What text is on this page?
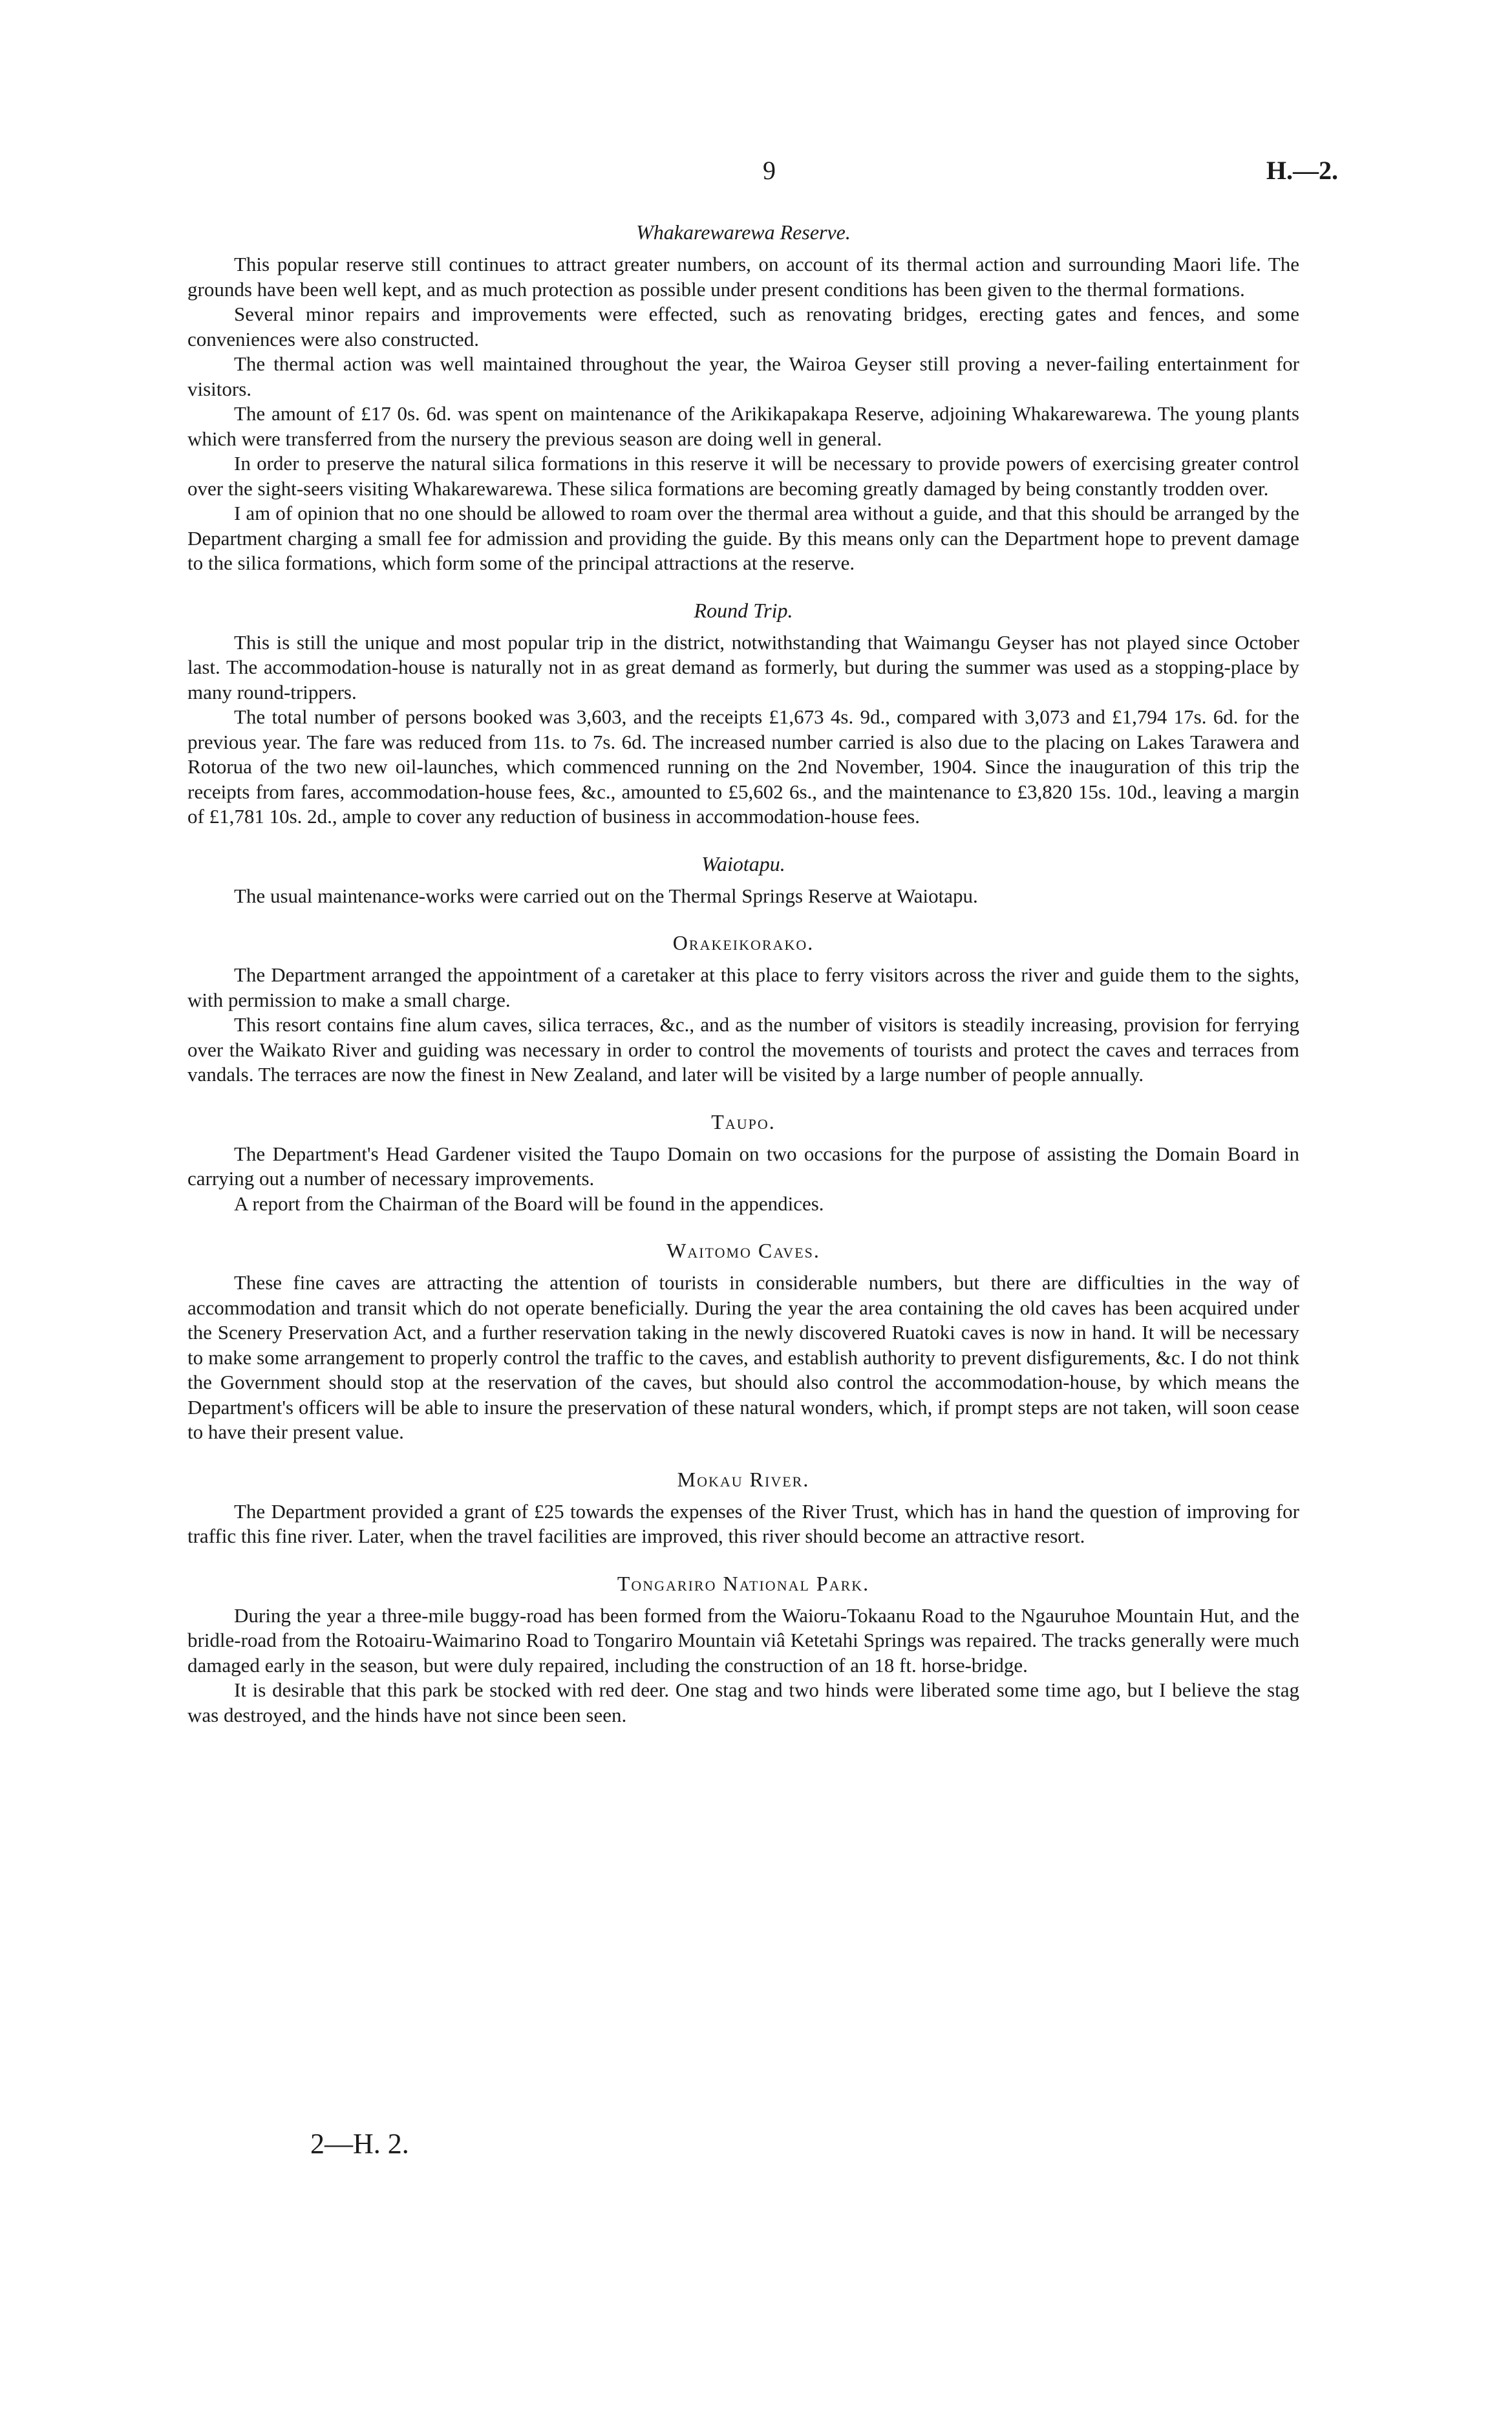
9	H.—2.
Whakarewarewa Reserve.

This popular reserve still continues to attract greater numbers, on account of its thermal action and surrounding Maori life. The grounds have been well kept, and as much protection as possible under present conditions has been given to the thermal formations.

Several minor repairs and improvements were effected, such as renovating bridges, erecting gates and fences, and some conveniences were also constructed.

The thermal action was well maintained throughout the year, the Wairoa Geyser still proving a never-failing entertainment for visitors.

The amount of £17 0s. 6d. was spent on maintenance of the Arikikapakapa Reserve, adjoining Whakarewarewa. The young plants which were transferred from the nursery the previous season are doing well in general.

In order to preserve the natural silica formations in this reserve it will be necessary to provide powers of exercising greater control over the sight-seers visiting Whakarewarewa. These silica formations are becoming greatly damaged by being constantly trodden over.

I am of opinion that no one should be allowed to roam over the thermal area without a guide, and that this should be arranged by the Department charging a small fee for admission and providing the guide. By this means only can the Department hope to prevent damage to the silica formations, which form some of the principal attractions at the reserve.

Round Trip.

This is still the unique and most popular trip in the district, notwithstanding that Waimangu Geyser has not played since October last. The accommodation-house is naturally not in as great demand as formerly, but during the summer was used as a stopping-place by many round-trippers.

The total number of persons booked was 3,603, and the receipts £1,673 4s. 9d., compared with 3,073 and £1,794 17s. 6d. for the previous year. The fare was reduced from 11s. to 7s. 6d. The increased number carried is also due to the placing on Lakes Tarawera and Rotorua of the two new oil-launches, which commenced running on the 2nd November, 1904. Since the inauguration of this trip the receipts from fares, accommodation-house fees, &c., amounted to £5,602 6s., and the maintenance to £3,820 15s. 10d., leaving a margin of £1,781 10s. 2d., ample to cover any reduction of business in accommodation-house fees.

Waiotapu.

The usual maintenance-works were carried out on the Thermal Springs Reserve at Waiotapu.

Orakeikorako.

The Department arranged the appointment of a caretaker at this place to ferry visitors across the river and guide them to the sights, with permission to make a small charge.

This resort contains fine alum caves, silica terraces, &c., and as the number of visitors is steadily increasing, provision for ferrying over the Waikato River and guiding was necessary in order to control the movements of tourists and protect the caves and terraces from vandals. The terraces are now the finest in New Zealand, and later will be visited by a large number of people annually.

Taupo.

The Department's Head Gardener visited the Taupo Domain on two occasions for the purpose of assisting the Domain Board in carrying out a number of necessary improvements.

A report from the Chairman of the Board will be found in the appendices.

Waitomo Caves.

These fine caves are attracting the attention of tourists in considerable numbers, but there are difficulties in the way of accommodation and transit which do not operate beneficially. During the year the area containing the old caves has been acquired under the Scenery Preservation Act, and a further reservation taking in the newly discovered Ruatoki caves is now in hand. It will be necessary to make some arrangement to properly control the traffic to the caves, and establish authority to prevent disfigurements, &c. I do not think the Government should stop at the reservation of the caves, but should also control the accommodation-house, by which means the Department's officers will be able to insure the preservation of these natural wonders, which, if prompt steps are not taken, will soon cease to have their present value.

Mokau River.

The Department provided a grant of £25 towards the expenses of the River Trust, which has in hand the question of improving for traffic this fine river. Later, when the travel facilities are improved, this river should become an attractive resort.

Tongariro National Park.

During the year a three-mile buggy-road has been formed from the Waioru-Tokaanu Road to the Ngauruhoe Mountain Hut, and the bridle-road from the Rotoairu-Waimarino Road to Tongariro Mountain viâ Ketetahi Springs was repaired. The tracks generally were much damaged early in the season, but were duly repaired, including the construction of an 18 ft. horse-bridge.

It is desirable that this park be stocked with red deer. One stag and two hinds were liberated some time ago, but I believe the stag was destroyed, and the hinds have not since been seen.

2—H. 2.
